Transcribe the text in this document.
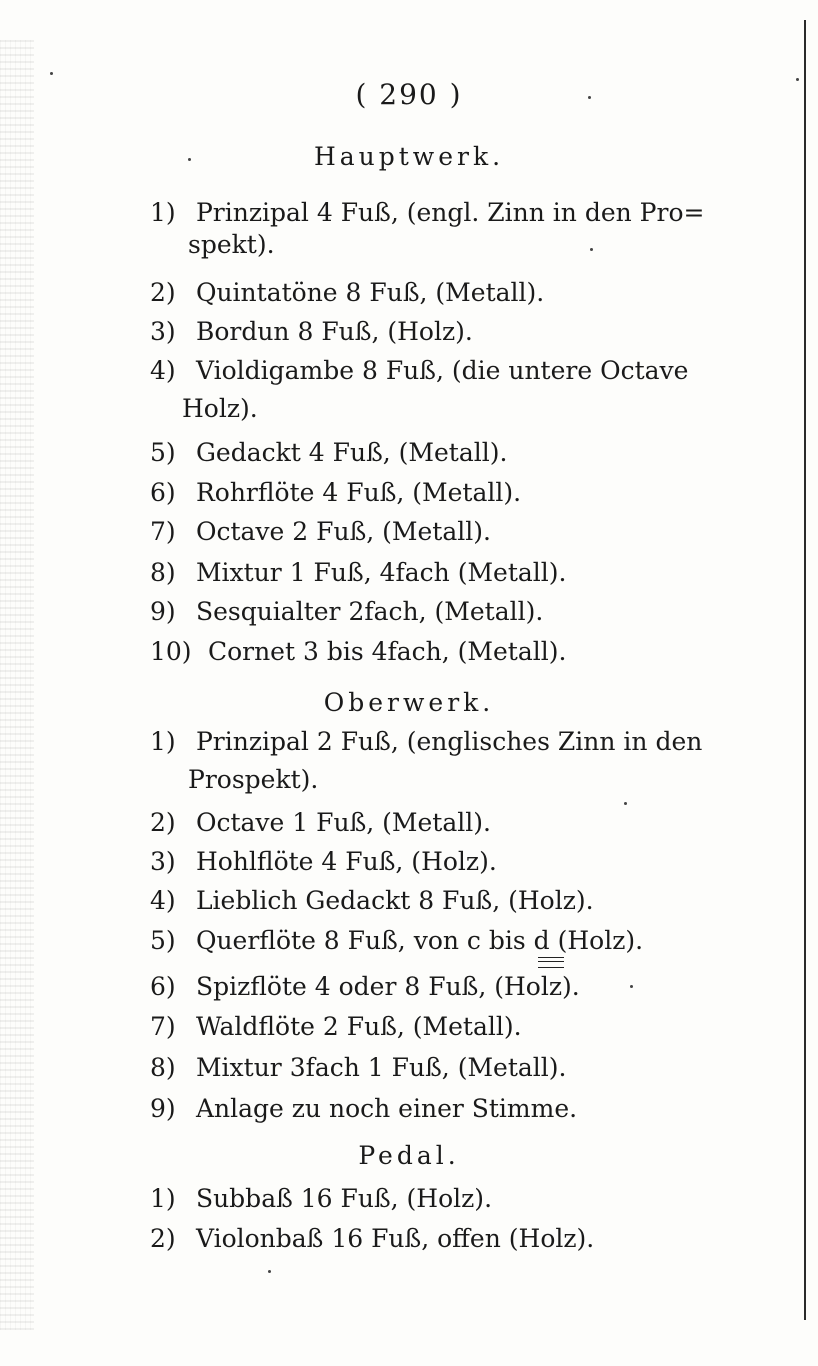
( 290 )
Hauptwerk.
1) Prinzipal 4 Fuß, (engl. Zinn in den Pro=
spekt).
2) Quintatöne 8 Fuß, (Metall).
3) Bordun 8 Fuß, (Holz).
4) Violdigambe 8 Fuß, (die untere Octave
Holz).
5) Gedackt 4 Fuß, (Metall).
6) Rohrflöte 4 Fuß, (Metall).
7) Octave 2 Fuß, (Metall).
8) Mixtur 1 Fuß, 4fach (Metall).
9) Sesquialter 2fach, (Metall).
10) Cornet 3 bis 4fach, (Metall).
Oberwerk.
1) Prinzipal 2 Fuß, (englisches Zinn in den
Prospekt).
2) Octave 1 Fuß, (Metall).
3) Hohlflöte 4 Fuß, (Holz).
4) Lieblich Gedackt 8 Fuß, (Holz).
5) Querflöte 8 Fuß, von c bis d (Holz).
6) Spizflöte 4 oder 8 Fuß, (Holz).
7) Waldflöte 2 Fuß, (Metall).
8) Mixtur 3fach 1 Fuß, (Metall).
9) Anlage zu noch einer Stimme.
Pedal.
1) Subbaß 16 Fuß, (Holz).
2) Violonbaß 16 Fuß, offen (Holz).
